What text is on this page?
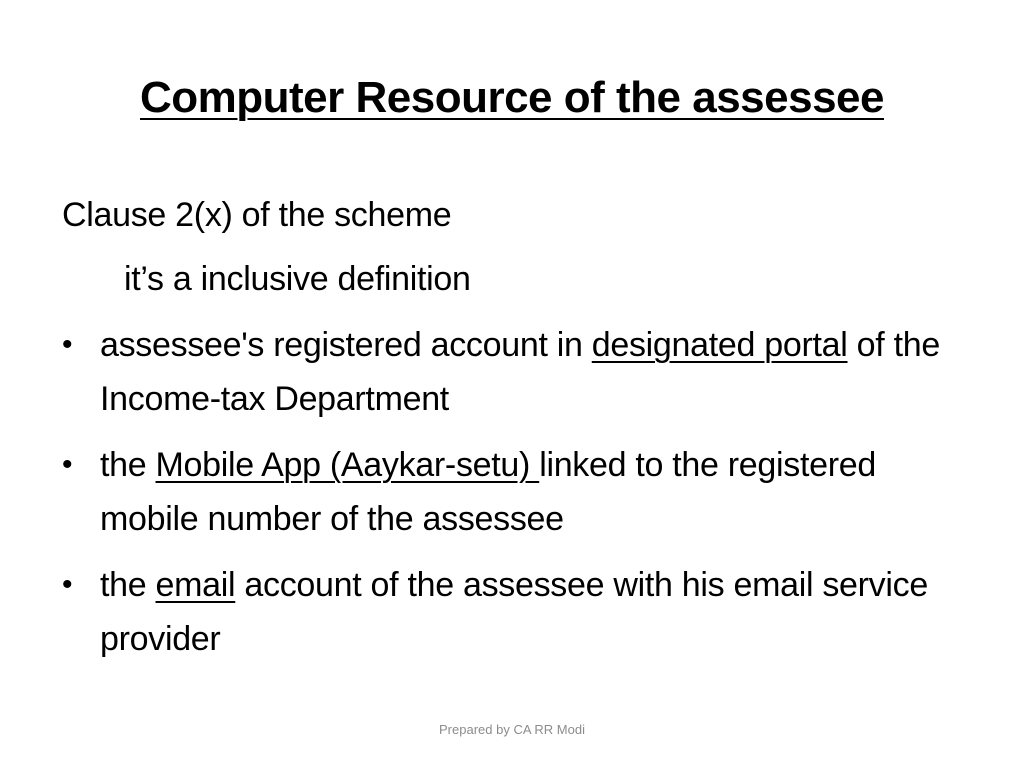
Computer Resource of the assessee
Clause 2(x) of the scheme
it’s a inclusive definition
• assessee's registered account in designated portal of the Income-tax Department
• the Mobile App (Aaykar-setu) linked to the registered mobile number of the assessee
• the email account of the assessee with his email service provider
Prepared by CA RR Modi
